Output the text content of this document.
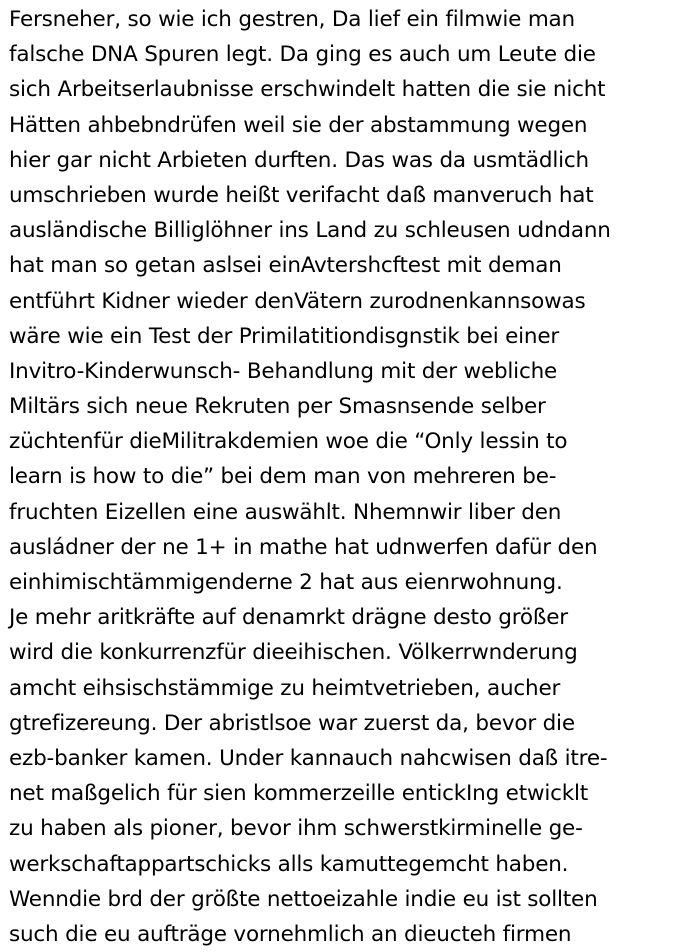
Fersneher, so wie ich gestren, Da lief ein filmwie man
falsche DNA Spuren legt. Da ging es auch um Leute die
sich Arbeitserlaubnisse erschwindelt hatten die sie nicht
Hätten ahbebndrüfen weil sie der abstammung wegen
hier gar nicht Arbieten durften. Das was da usmtädlich
umschrieben wurde heißt verifacht daß manveruch hat
ausländische Billiglöhner ins Land zu schleusen udndann
hat man so getan aslsei einAvtershcftest mit deman
entführt Kidner wieder denVätern zurodnenkannsowas
wäre wie ein Test der Primilatitiondisgnstik bei einer
Invitro-Kinderwunsch- Behandlung mit der webliche
Miltärs sich neue Rekruten per Smasnsende selber
züchtenfür dieMilitrakdemien woe die “Only lessin to
learn is how to die” bei dem man von mehreren be-
fruchten Eizellen eine auswählt. Nhemnwir liber den
ausládner der ne 1+ in mathe hat udnwerfen dafür den
einhimischtämmigenderne 2 hat aus eienrwohnung.
Je mehr aritkräfte auf denamrkt drägne desto größer
wird die konkurrenzfür dieeihischen. Völkerrwnderung
amcht eihsischstämmige zu heimtvetrieben, aucher
gtrefizereung. Der abristlsoe war zuerst da, bevor die
ezb-banker kamen. Under kannauch nahcwisen daß itre-
net maßgelich für sien kommerzeille entickIng etwicklt
zu haben als pioner, bevor ihm schwerstkirminelle ge-
werkschaftappartschicks alls kamuttegemcht haben.
Wenndie brd der größte nettoeizahle indie eu ist sollten
such die eu aufträge vornehmlich an dieucteh firmen
